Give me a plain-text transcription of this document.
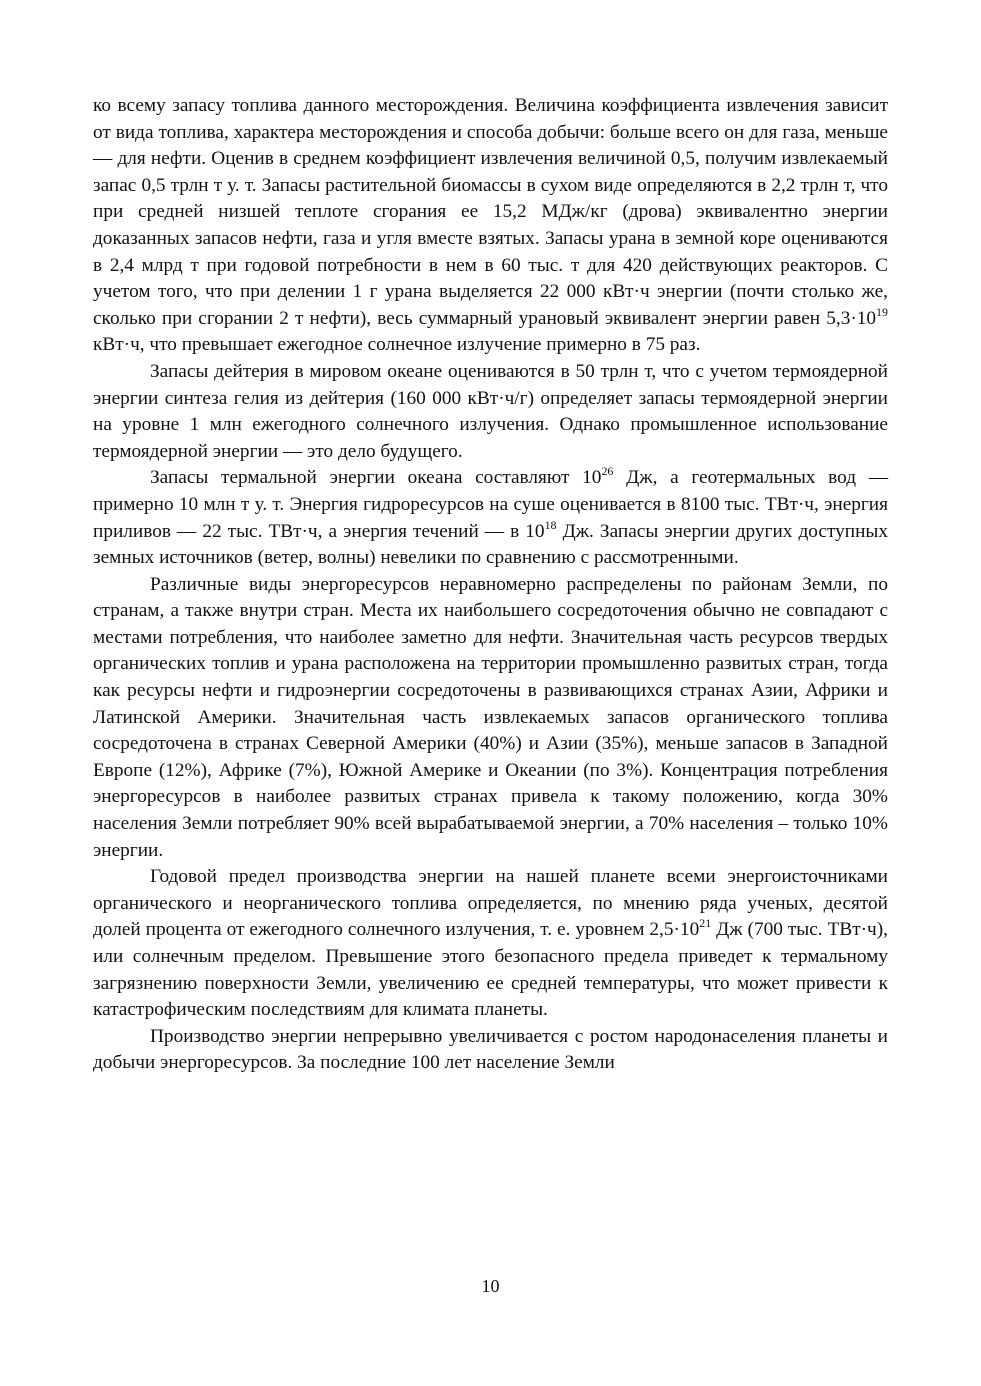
ко всему запасу топлива данного месторождения. Величина коэффициента извлечения зависит от вида топлива, характера месторождения и способа добычи: больше всего он для газа, меньше — для нефти. Оценив в среднем коэффициент извлечения величиной 0,5, получим извлекаемый запас 0,5 трлн т у. т. Запасы растительной биомассы в сухом виде определяются в 2,2 трлн т, что при средней низшей теплоте сгорания ее 15,2 МДж/кг (дрова) эквивалентно энергии доказанных запасов нефти, газа и угля вместе взятых. Запасы урана в земной коре оцениваются в 2,4 млрд т при годовой потребности в нем в 60 тыс. т для 420 действующих реакторов. С учетом того, что при делении 1 г урана выделяется 22 000 кВт·ч энергии (почти столько же, сколько при сгорании 2 т нефти), весь суммарный урановый эквивалент энергии равен $5,3\cdot 10^{19}$ кВт·ч, что превышает ежегодное солнечное излучение примерно в 75 раз.

Запасы дейтерия в мировом океане оцениваются в 50 трлн т, что с учетом термоядерной энергии синтеза гелия из дейтерия (160 000 кВт·ч/г) определяет запасы термоядерной энергии на уровне 1 млн ежегодного солнечного излучения. Однако промышленное использование термоядерной энергии — это дело будущего.

Запасы термальной энергии океана составляют $10^{26}$ Дж, а геотермальных вод — примерно 10 млн т у. т. Энергия гидроресурсов на суше оценивается в 8100 тыс. ТВт·ч, энергия приливов — 22 тыс. ТВт·ч, а энергия течений — в $10^{18}$ Дж. Запасы энергии других доступных земных источников (ветер, волны) невелики по сравнению с рассмотренными.

Различные виды энергоресурсов неравномерно распределены по районам Земли, по странам, а также внутри стран. Места их наибольшего сосредоточения обычно не совпадают с местами потребления, что наиболее заметно для нефти. Значительная часть ресурсов твердых органических топлив и урана расположена на территории промышленно развитых стран, тогда как ресурсы нефти и гидроэнергии сосредоточены в развивающихся странах Азии, Африки и Латинской Америки. Значительная часть извлекаемых запасов органического топлива сосредоточена в странах Северной Америки (40%) и Азии (35%), меньше запасов в Западной Европе (12%), Африке (7%), Южной Америке и Океании (по 3%). Концентрация потребления энергоресурсов в наиболее развитых странах привела к такому положению, когда 30% населения Земли потребляет 90% всей вырабатываемой энергии, а 70% населения – только 10% энергии.

Годовой предел производства энергии на нашей планете всеми энергоисточниками органического и неорганического топлива определяется, по мнению ряда ученых, десятой долей процента от ежегодного солнечного излучения, т. е. уровнем $2,5\cdot 10^{21}$ Дж (700 тыс. ТВт·ч), или солнечным пределом. Превышение этого безопасного предела приведет к термальному загрязнению поверхности Земли, увеличению ее средней температуры, что может привести к катастрофическим последствиям для климата планеты.

Производство энергии непрерывно увеличивается с ростом народонаселения планеты и добычи энергоресурсов. За последние 100 лет население Земли

10
